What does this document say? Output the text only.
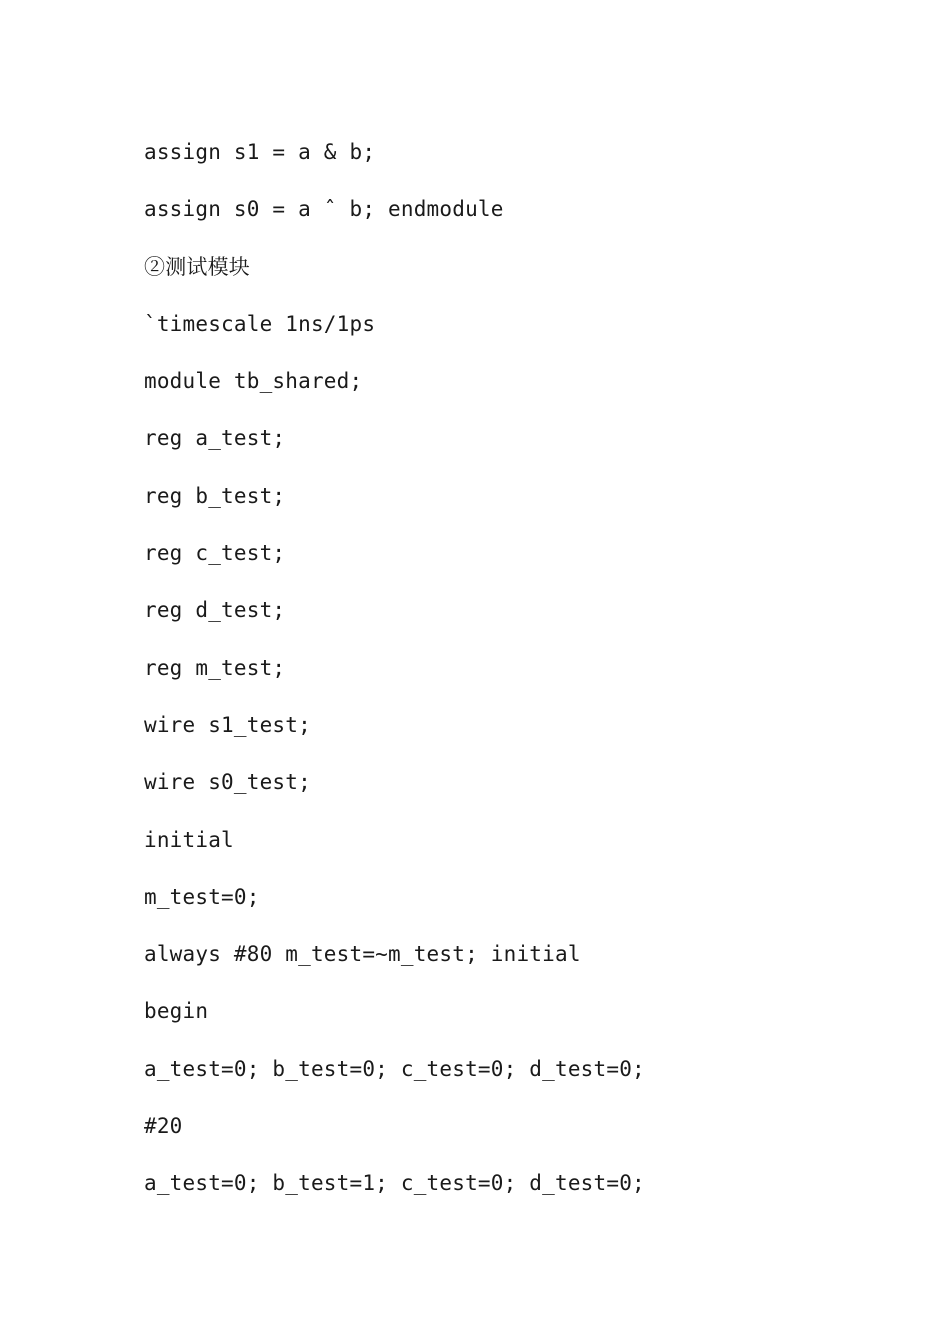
assign s1 = a & b;
assign s0 = a ˆ b; endmodule
②测试模块
`timescale 1ns/1ps
module tb_shared;
reg a_test;
reg b_test;
reg c_test;
reg d_test;
reg m_test;
wire s1_test;
wire s0_test;
initial
m_test=0;
always #80 m_test=~m_test; initial
begin
a_test=0; b_test=0; c_test=0; d_test=0;
#20
a_test=0; b_test=1; c_test=0; d_test=0;
